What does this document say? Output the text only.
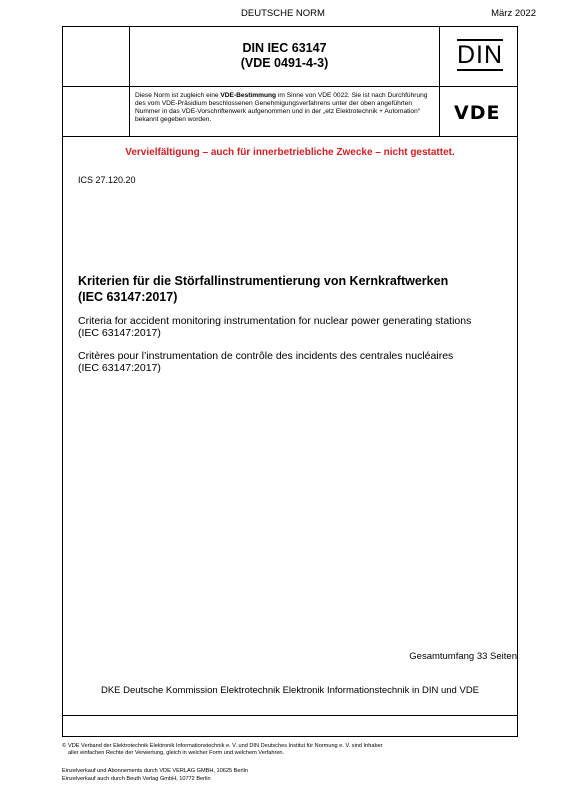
DEUTSCHE NORM	März 2022
DIN IEC 63147
(VDE 0491-4-3)	DIN
Diese Norm ist zugleich eine VDE-Bestimmung im Sinne von VDE 0022. Sie ist nach Durchführung des vom VDE-Präsidium beschlossenen Genehmigungsverfahrens unter der oben angeführten Nummer in das VDE-Vorschriftenwerk aufgenommen und in der „etz Elektrotechnik + Automation“ bekannt gegeben worden.	VDE
Vervielfältigung – auch für innerbetriebliche Zwecke – nicht gestattet.
ICS 27.120.20
Kriterien für die Störfallinstrumentierung von Kernkraftwerken
(IEC 63147:2017)
Criteria for accident monitoring instrumentation for nuclear power generating stations
(IEC 63147:2017)
Critères pour l’instrumentation de contrôle des incidents des centrales nucléaires
(IEC 63147:2017)
Gesamtumfang 33 Seiten
DKE Deutsche Kommission Elektrotechnik Elektronik Informationstechnik in DIN und VDE
© VDE Verband der Elektrotechnik Elektronik Informationstechnik e. V. und DIN Deutsches Institut für Normung e. V. sind Inhaber
aller einfachen Rechte der Verwertung, gleich in welcher Form und welchem Verfahren.
Einzelverkauf und Abonnements durch VDE VERLAG GMBH, 10625 Berlin
Einzelverkauf auch durch Beuth Verlag GmbH, 10772 Berlin
